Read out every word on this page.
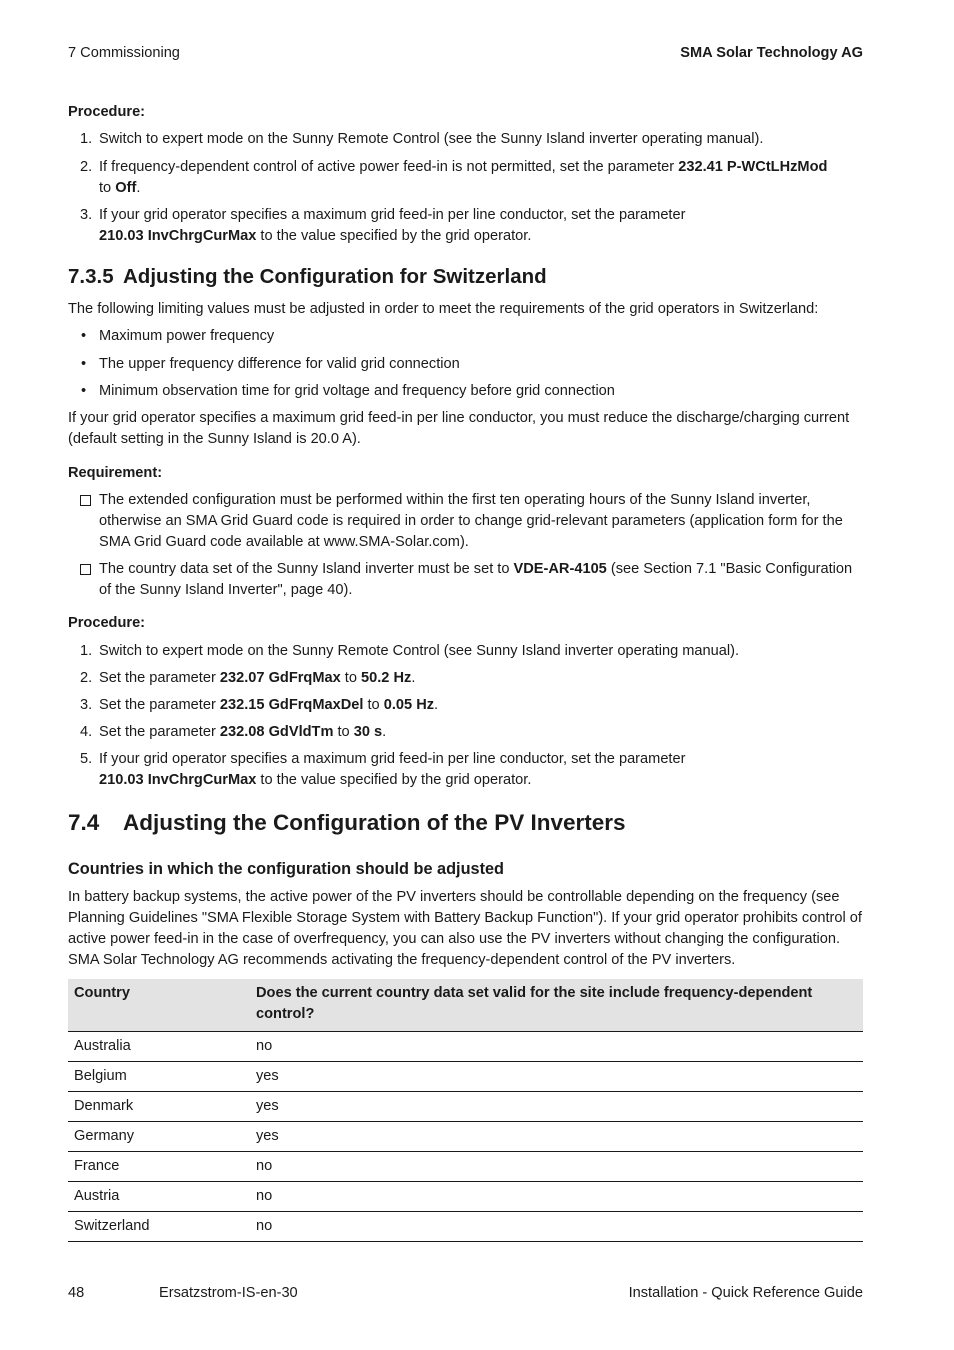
7 Commissioning	SMA Solar Technology AG
Procedure:
1. Switch to expert mode on the Sunny Remote Control (see the Sunny Island inverter operating manual).
2. If frequency-dependent control of active power feed-in is not permitted, set the parameter 232.41 P-WCtLHzMod
to Off.
3. If your grid operator specifies a maximum grid feed-in per line conductor, set the parameter
210.03 InvChrgCurMax to the value specified by the grid operator.
7.3.5 Adjusting the Configuration for Switzerland
The following limiting values must be adjusted in order to meet the requirements of the grid operators in Switzerland:
• Maximum power frequency
• The upper frequency difference for valid grid connection
• Minimum observation time for grid voltage and frequency before grid connection
If your grid operator specifies a maximum grid feed-in per line conductor, you must reduce the discharge/charging current (default setting in the Sunny Island is 20.0 A).
Requirement:
The extended configuration must be performed within the first ten operating hours of the Sunny Island inverter, otherwise an SMA Grid Guard code is required in order to change grid-relevant parameters (application form for the SMA Grid Guard code available at www.SMA-Solar.com).
The country data set of the Sunny Island inverter must be set to VDE-AR-4105 (see Section 7.1 "Basic Configuration of the Sunny Island Inverter", page 40).
Procedure:
1. Switch to expert mode on the Sunny Remote Control (see Sunny Island inverter operating manual).
2. Set the parameter 232.07 GdFrqMax to 50.2 Hz.
3. Set the parameter 232.15 GdFrqMaxDel to 0.05 Hz.
4. Set the parameter 232.08 GdVldTm to 30 s.
5. If your grid operator specifies a maximum grid feed-in per line conductor, set the parameter
210.03 InvChrgCurMax to the value specified by the grid operator.
7.4 Adjusting the Configuration of the PV Inverters
Countries in which the configuration should be adjusted
In battery backup systems, the active power of the PV inverters should be controllable depending on the frequency (see Planning Guidelines "SMA Flexible Storage System with Battery Backup Function"). If your grid operator prohibits control of active power feed-in in the case of overfrequency, you can also use the PV inverters without changing the configuration. SMA Solar Technology AG recommends activating the frequency-dependent control of the PV inverters.
Country	Does the current country data set valid for the site include frequency-dependent control?
Australia	no
Belgium	yes
Denmark	yes
Germany	yes
France	no
Austria	no
Switzerland	no
48	Ersatzstrom-IS-en-30	Installation - Quick Reference Guide
